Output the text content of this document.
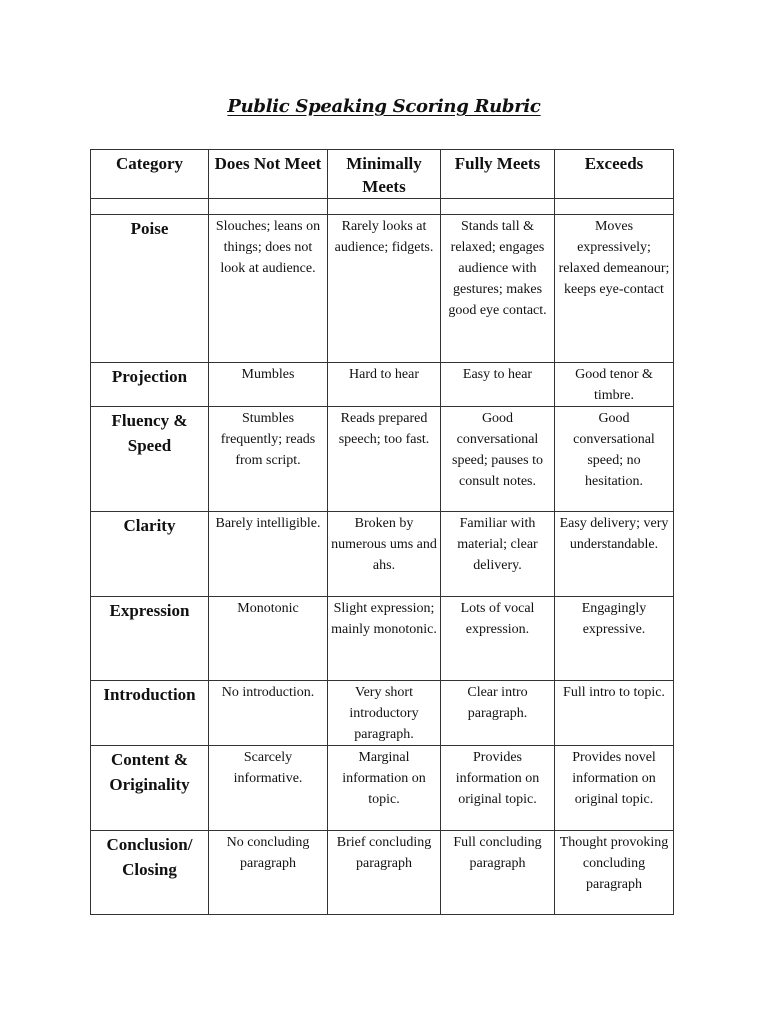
Public Speaking Scoring Rubric
Category	Does Not Meet	Minimally Meets	Fully Meets	Exceeds

Poise	Slouches; leans on things; does not look at audience.	Rarely looks at audience; fidgets.	Stands tall & relaxed; engages audience with gestures; makes good eye contact.	Moves expressively; relaxed demeanour; keeps eye-contact
Projection	Mumbles	Hard to hear	Easy to hear	Good tenor & timbre.
Fluency & Speed	Stumbles frequently; reads from script.	Reads prepared speech; too fast.	Good conversational speed; pauses to consult notes.	Good conversational speed; no hesitation.
Clarity	Barely intelligible.	Broken by numerous ums and ahs.	Familiar with material; clear delivery.	Easy delivery; very understandable.
Expression	Monotonic	Slight expression; mainly monotonic.	Lots of vocal expression.	Engagingly expressive.
Introduction	No introduction.	Very short introductory paragraph.	Clear intro paragraph.	Full intro to topic.
Content & Originality	Scarcely informative.	Marginal information on topic.	Provides information on original topic.	Provides novel information on original topic.
Conclusion/ Closing	No concluding paragraph	Brief concluding paragraph	Full concluding paragraph	Thought provoking concluding paragraph
